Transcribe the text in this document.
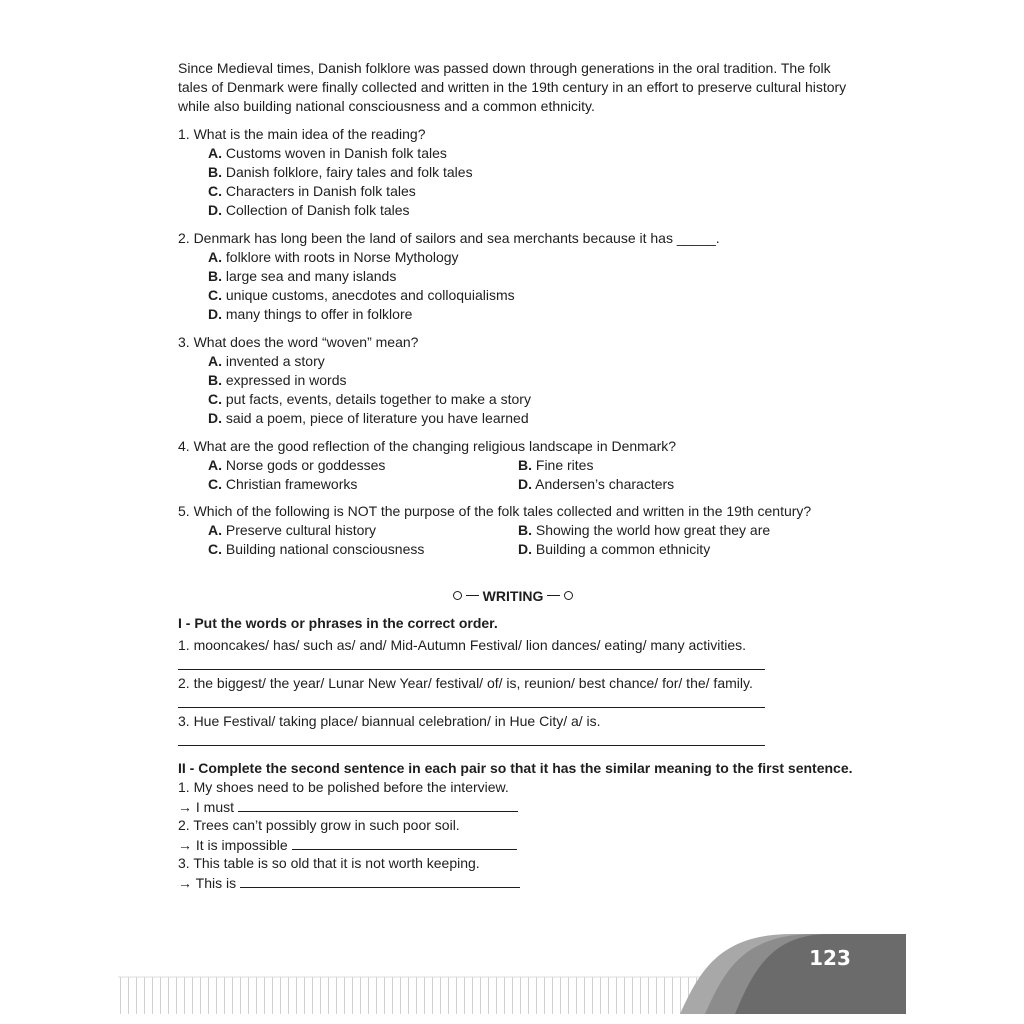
Since Medieval times, Danish folklore was passed down through generations in the oral tradition. The folk tales of Denmark were finally collected and written in the 19th century in an effort to preserve cultural history while also building national consciousness and a common ethnicity.
1. What is the main idea of the reading?
A. Customs woven in Danish folk tales
B. Danish folklore, fairy tales and folk tales
C. Characters in Danish folk tales
D. Collection of Danish folk tales
2. Denmark has long been the land of sailors and sea merchants because it has _____.
A. folklore with roots in Norse Mythology
B. large sea and many islands
C. unique customs, anecdotes and colloquialisms
D. many things to offer in folklore
3. What does the word “woven” mean?
A. invented a story
B. expressed in words
C. put facts, events, details together to make a story
D. said a poem, piece of literature you have learned
4. What are the good reflection of the changing religious landscape in Denmark?
A. Norse gods or goddesses	B. Fine rites
C. Christian frameworks	D. Andersen’s characters
5. Which of the following is NOT the purpose of the folk tales collected and written in the 19th century?
A. Preserve cultural history	B. Showing the world how great they are
C. Building national consciousness	D. Building a common ethnicity
WRITING
I - Put the words or phrases in the correct order.
1. mooncakes/ has/ such as/ and/ Mid-Autumn Festival/ lion dances/ eating/ many activities.
2. the biggest/ the year/ Lunar New Year/ festival/ of/ is, reunion/ best chance/ for/ the/ family.
3. Hue Festival/ taking place/ biannual celebration/ in Hue City/ a/ is.
II - Complete the second sentence in each pair so that it has the similar meaning to the first sentence.
1. My shoes need to be polished before the interview.
→ I must
2. Trees can’t possibly grow in such poor soil.
→ It is impossible
3. This table is so old that it is not worth keeping.
→ This is
123
